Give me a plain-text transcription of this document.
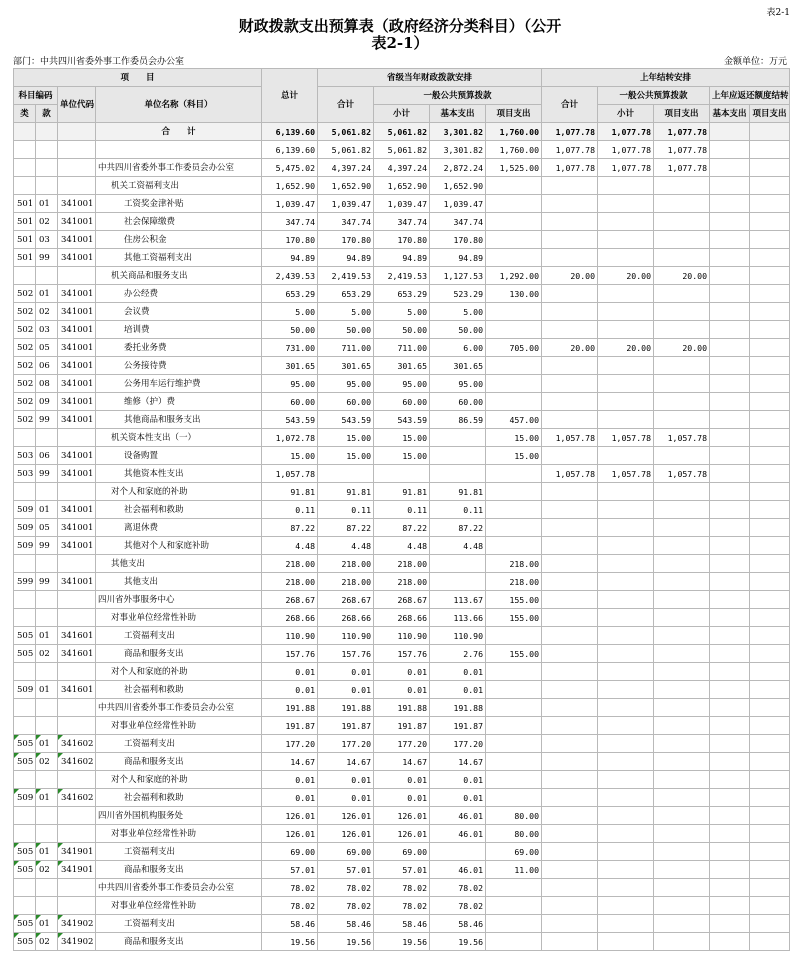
表2-1
财政拨款支出预算表（政府经济分类科目）（公开
表2-1）
部门：中共四川省委外事工作委员会办公室	金额单位：万元
项　　目				总计	省级当年财政拨款安排				上年结转安排				
科目编码		单位代码	单位名称（科目）		合计	一般公共预算拨款			合计	一般公共预算拨款		上年应返还额度结转	
类	款					小计	基本支出	项目支出		小计	项目支出	基本支出	项目支出
			合　　计	6,139.60	5,061.82	5,061.82	3,301.82	1,760.00	1,077.78	1,077.78	1,077.78		
				6,139.60	5,061.82	5,061.82	3,301.82	1,760.00	1,077.78	1,077.78	1,077.78		
			中共四川省委外事工作委员会办公室	5,475.02	4,397.24	4,397.24	2,872.24	1,525.00	1,077.78	1,077.78	1,077.78		
			机关工资福利支出	1,652.90	1,652.90	1,652.90	1,652.90						
501	01	341001	工资奖金津补贴	1,039.47	1,039.47	1,039.47	1,039.47						
501	02	341001	社会保障缴费	347.74	347.74	347.74	347.74						
501	03	341001	住房公积金	170.80	170.80	170.80	170.80						
501	99	341001	其他工资福利支出	94.89	94.89	94.89	94.89						
			机关商品和服务支出	2,439.53	2,419.53	2,419.53	1,127.53	1,292.00	20.00	20.00	20.00		
502	01	341001	办公经费	653.29	653.29	653.29	523.29	130.00					
502	02	341001	会议费	5.00	5.00	5.00	5.00						
502	03	341001	培训费	50.00	50.00	50.00	50.00						
502	05	341001	委托业务费	731.00	711.00	711.00	6.00	705.00	20.00	20.00	20.00		
502	06	341001	公务接待费	301.65	301.65	301.65	301.65						
502	08	341001	公务用车运行维护费	95.00	95.00	95.00	95.00						
502	09	341001	维修（护）费	60.00	60.00	60.00	60.00						
502	99	341001	其他商品和服务支出	543.59	543.59	543.59	86.59	457.00					
			机关资本性支出（一）	1,072.78	15.00	15.00		15.00	1,057.78	1,057.78	1,057.78		
503	06	341001	设备购置	15.00	15.00	15.00		15.00					
503	99	341001	其他资本性支出	1,057.78					1,057.78	1,057.78	1,057.78		
			对个人和家庭的补助	91.81	91.81	91.81	91.81						
509	01	341001	社会福利和救助	0.11	0.11	0.11	0.11						
509	05	341001	离退休费	87.22	87.22	87.22	87.22						
509	99	341001	其他对个人和家庭补助	4.48	4.48	4.48	4.48						
			其他支出	218.00	218.00	218.00		218.00					
599	99	341001	其他支出	218.00	218.00	218.00		218.00					
			四川省外事服务中心	268.67	268.67	268.67	113.67	155.00					
			对事业单位经常性补助	268.66	268.66	268.66	113.66	155.00					
505	01	341601	工资福利支出	110.90	110.90	110.90	110.90						
505	02	341601	商品和服务支出	157.76	157.76	157.76	2.76	155.00					
			对个人和家庭的补助	0.01	0.01	0.01	0.01						
509	01	341601	社会福利和救助	0.01	0.01	0.01	0.01						
			中共四川省委外事工作委员会办公室	191.88	191.88	191.88	191.88						
			对事业单位经常性补助	191.87	191.87	191.87	191.87						
505	01	341602	工资福利支出	177.20	177.20	177.20	177.20						
505	02	341602	商品和服务支出	14.67	14.67	14.67	14.67						
			对个人和家庭的补助	0.01	0.01	0.01	0.01						
509	01	341602	社会福利和救助	0.01	0.01	0.01	0.01						
			四川省外国机构服务处	126.01	126.01	126.01	46.01	80.00					
			对事业单位经常性补助	126.01	126.01	126.01	46.01	80.00					
505	01	341901	工资福利支出	69.00	69.00	69.00		69.00					
505	02	341901	商品和服务支出	57.01	57.01	57.01	46.01	11.00					
			中共四川省委外事工作委员会办公室	78.02	78.02	78.02	78.02						
			对事业单位经常性补助	78.02	78.02	78.02	78.02						
505	01	341902	工资福利支出	58.46	58.46	58.46	58.46						
505	02	341902	商品和服务支出	19.56	19.56	19.56	19.56						
